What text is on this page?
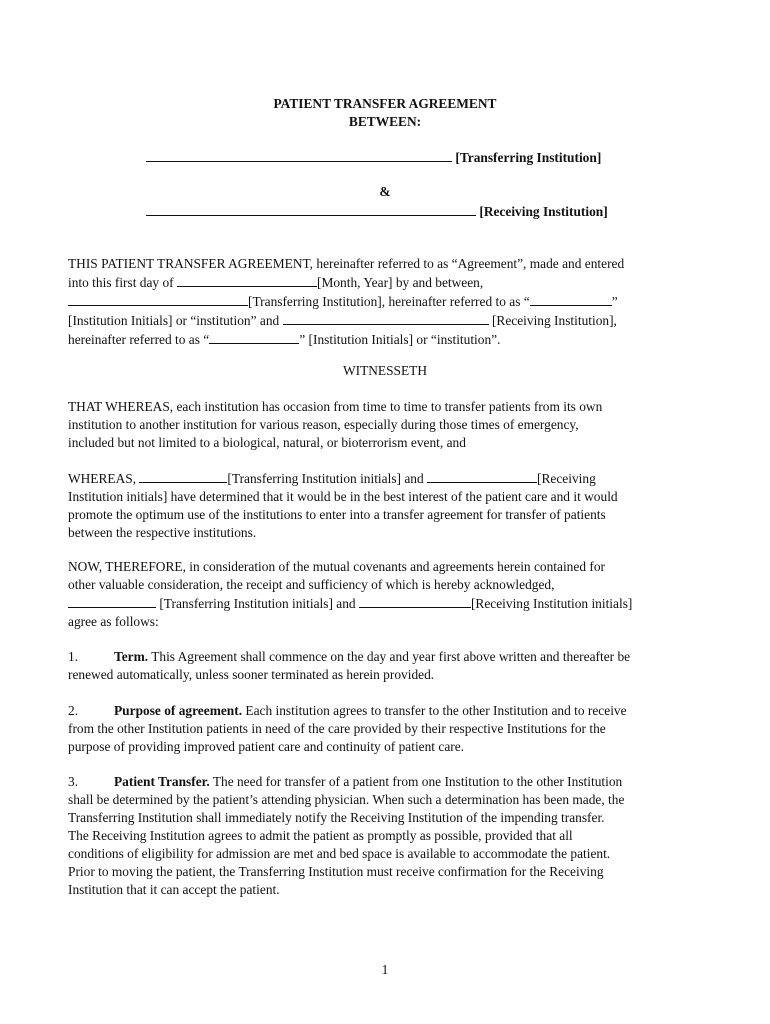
PATIENT TRANSFER AGREEMENT
BETWEEN:
[Transferring Institution]
&
[Receiving Institution]
THIS PATIENT TRANSFER AGREEMENT, hereinafter referred to as “Agreement”, made and entered
into this first day of	[Month, Year] by and between,
[Transferring Institution], hereinafter referred to as “	”
[Institution Initials] or “institution” and	[Receiving Institution],
hereinafter referred to as “	” [Institution Initials] or “institution”.
WITNESSETH
THAT WHEREAS, each institution has occasion from time to time to transfer patients from its own
institution to another institution for various reason, especially during those times of emergency,
included but not limited to a biological, natural, or bioterrorism event, and
WHEREAS,	[Transferring Institution initials] and	[Receiving
Institution initials] have determined that it would be in the best interest of the patient care and it would
promote the optimum use of the institutions to enter into a transfer agreement for transfer of patients
between the respective institutions.
NOW, THEREFORE, in consideration of the mutual covenants and agreements herein contained for
other valuable consideration, the receipt and sufficiency of which is hereby acknowledged,
[Transferring Institution initials] and	[Receiving Institution initials]
agree as follows:
1.	Term. This Agreement shall commence on the day and year first above written and thereafter be
renewed automatically, unless sooner terminated as herein provided.
2.	Purpose of agreement. Each institution agrees to transfer to the other Institution and to receive
from the other Institution patients in need of the care provided by their respective Institutions for the
purpose of providing improved patient care and continuity of patient care.
3.	Patient Transfer. The need for transfer of a patient from one Institution to the other Institution
shall be determined by the patient’s attending physician. When such a determination has been made, the
Transferring Institution shall immediately notify the Receiving Institution of the impending transfer.
The Receiving Institution agrees to admit the patient as promptly as possible, provided that all
conditions of eligibility for admission are met and bed space is available to accommodate the patient.
Prior to moving the patient, the Transferring Institution must receive confirmation for the Receiving
Institution that it can accept the patient.
1
